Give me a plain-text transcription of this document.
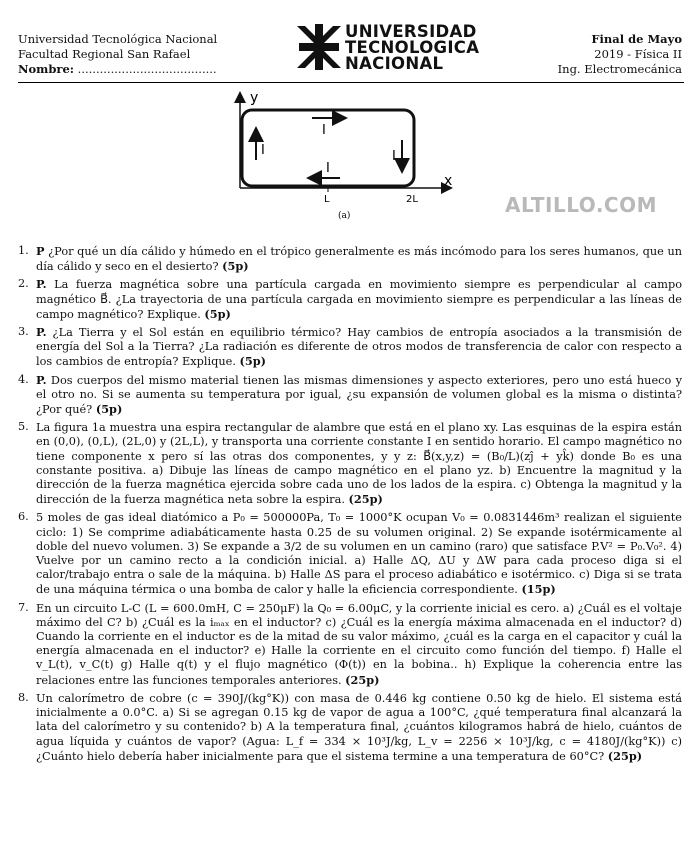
Universidad Tecnológica Nacional
Facultad Regional San Rafael
Nombre: ......................................
UNIVERSIDAD
TECNOLOGICA
NACIONAL
Final de Mayo
2019 - Física II
Ing. Electromecánica
y
x
I
I
I
I
L	2L
(a)	ALTILLO.COM
1. P ¿Por qué un día cálido y húmedo en el trópico generalmente es más incómodo para los seres humanos, que un día cálido y seco en el desierto? (5p)
2. P. La fuerza magnética sobre una partícula cargada en movimiento siempre es perpendicular al campo magnético B⃗. ¿La trayectoria de una partícula cargada en movimiento siempre es perpendicular a las líneas de campo magnético? Explique. (5p)
3. P. ¿La Tierra y el Sol están en equilibrio térmico? Hay cambios de entropía asociados a la transmisión de energía del Sol a la Tierra? ¿La radiación es diferente de otros modos de transferencia de calor con respecto a los cambios de entropía? Explique. (5p)
4. P. Dos cuerpos del mismo material tienen las mismas dimensiones y aspecto exteriores, pero uno está hueco y el otro no. Si se aumenta su temperatura por igual, ¿su expansión de volumen global es la misma o distinta? ¿Por qué? (5p)
5. La figura 1a muestra una espira rectangular de alambre que está en el plano xy. Las esquinas de la espira están en (0,0), (0,L), (2L,0) y (2L,L), y transporta una corriente constante I en sentido horario. El campo magnético no tiene componente x pero sí las otras dos componentes, y y z: B⃗(x,y,z) = (B₀/L)(zĵ + yk̂) donde B₀ es una constante positiva. a) Dibuje las líneas de campo magnético en el plano yz. b) Encuentre la magnitud y la dirección de la fuerza magnética ejercida sobre cada uno de los lados de la espira. c) Obtenga la magnitud y la dirección de la fuerza magnética neta sobre la espira. (25p)
6. 5 moles de gas ideal diatómico a P₀ = 500000Pa, T₀ = 1000°K ocupan V₀ = 0.0831446m³ realizan el siguiente ciclo: 1) Se comprime adiabáticamente hasta 0.25 de su volumen original. 2) Se expande isotérmicamente al doble del nuevo volumen. 3) Se expande a 3/2 de su volumen en un camino (raro) que satisface P.V² = P₀.V₀². 4) Vuelve por un camino recto a la condición inicial. a) Halle ΔQ, ΔU y ΔW para cada proceso diga si el calor/trabajo entra o sale de la máquina. b) Halle ΔS para el proceso adiabático e isotérmico. c) Diga si se trata de una máquina térmica o una bomba de calor y halle la eficiencia correspondiente. (15p)
7. En un circuito L-C (L = 600.0mH, C = 250μF) la Q₀ = 6.00μC, y la corriente inicial es cero. a) ¿Cuál es el voltaje máximo del C? b) ¿Cuál es la iₘₐₓ en el inductor? c) ¿Cuál es la energía máxima almacenada en el inductor? d) Cuando la corriente en el inductor es de la mitad de su valor máximo, ¿cuál es la carga en el capacitor y cuál la energía almacenada en el inductor? e) Halle la corriente en el circuito como función del tiempo. f) Halle el v_L(t), v_C(t) g) Halle q(t) y el flujo magnético (Φ(t)) en la bobina.. h) Explique la coherencia entre las relaciones entre las funciones temporales anteriores. (25p)
8. Un calorímetro de cobre (c = 390J/(kg°K)) con masa de 0.446 kg contiene 0.50 kg de hielo. El sistema está inicialmente a 0.0°C. a) Si se agregan 0.15 kg de vapor de agua a 100°C, ¿qué temperatura final alcanzará la lata del calorímetro y su contenido? b) A la temperatura final, ¿cuántos kilogramos habrá de hielo, cuántos de agua líquida y cuántos de vapor? (Agua: L_f = 334 × 10³J/kg, L_v = 2256 × 10³J/kg, c = 4180J/(kg°K)) c) ¿Cuánto hielo debería haber inicialmente para que el sistema termine a una temperatura de 60°C? (25p)
